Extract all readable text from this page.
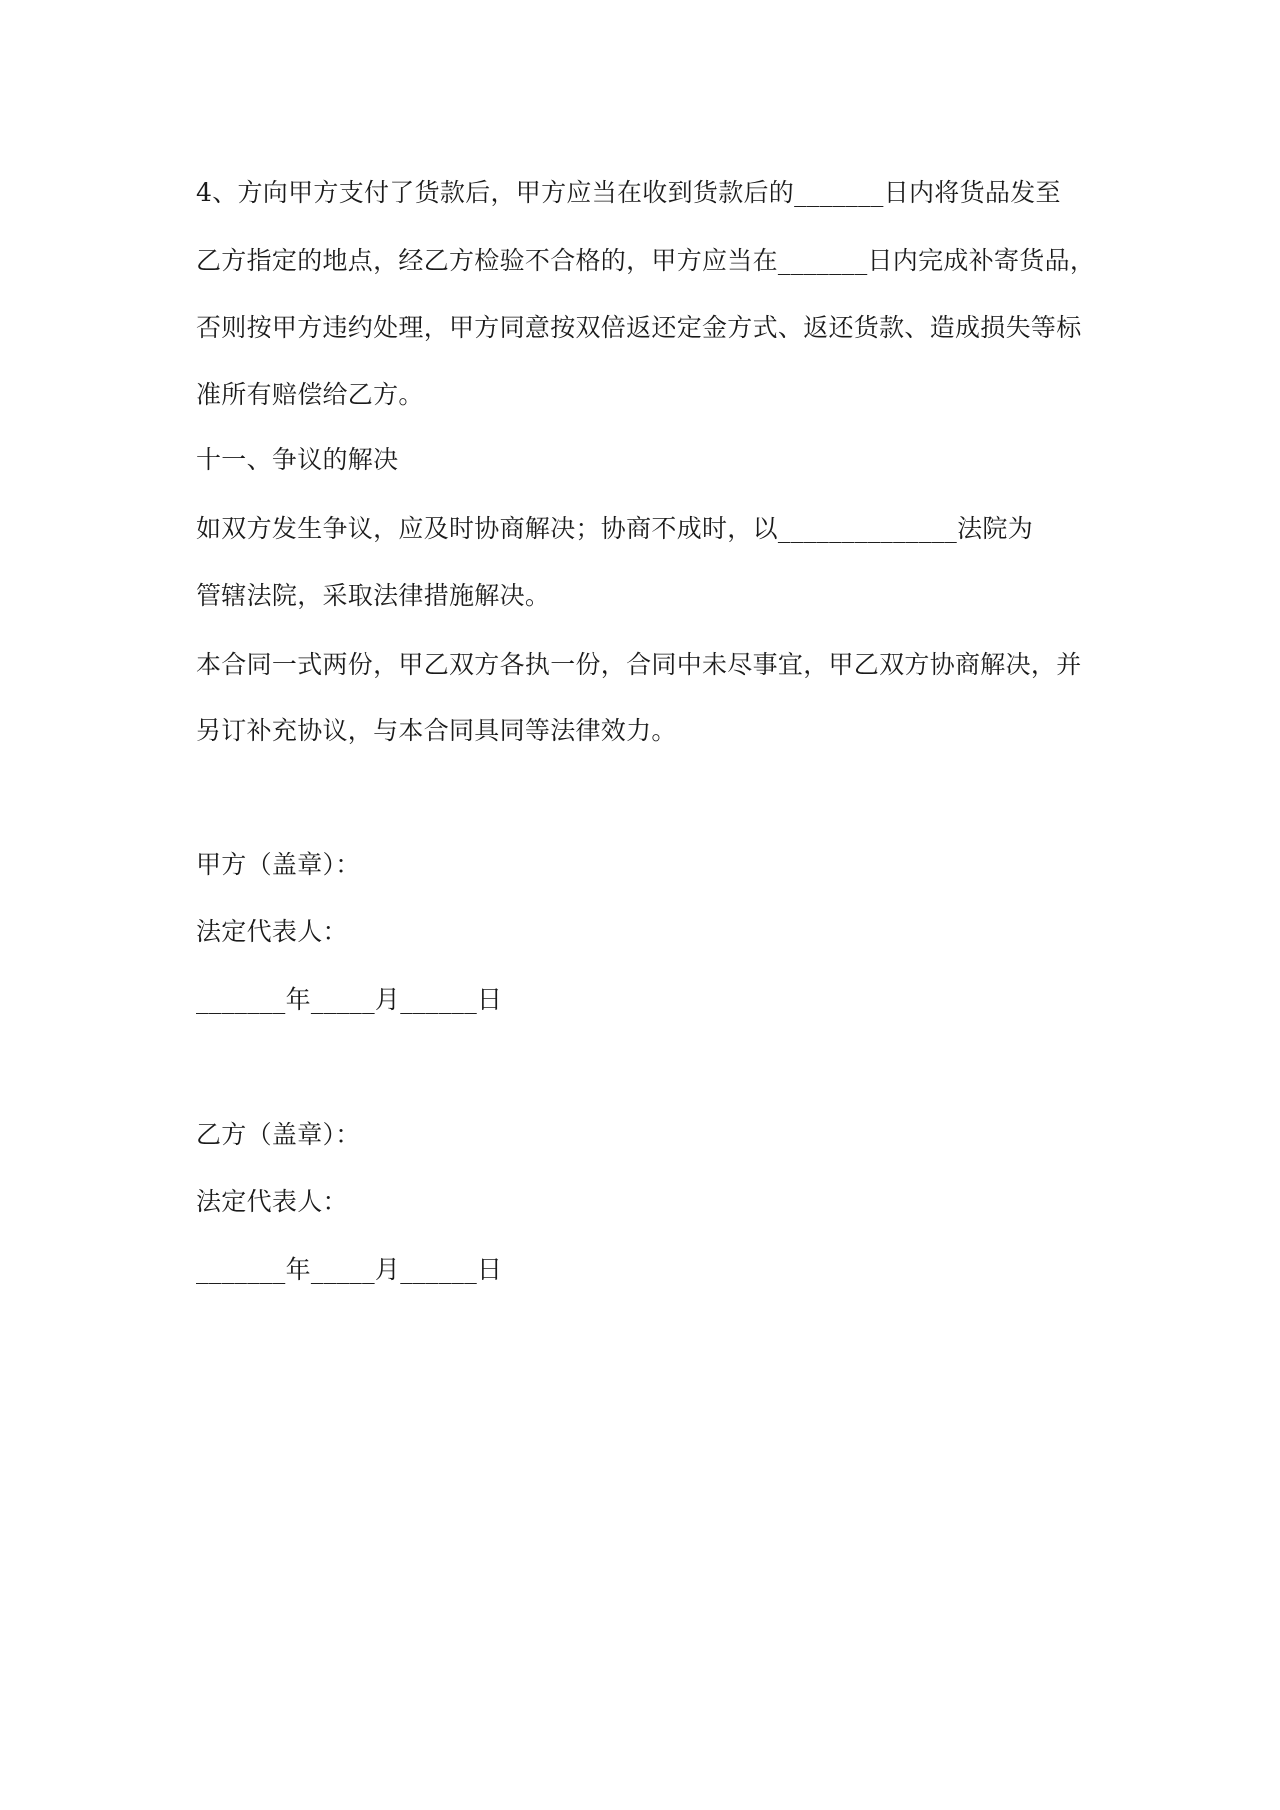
4、方向甲方支付了货款后，甲方应当在收到货款后的_______日内将货品发至
乙方指定的地点，经乙方检验不合格的，甲方应当在_______日内完成补寄货品，
否则按甲方违约处理，甲方同意按双倍返还定金方式、返还货款、造成损失等标
准所有赔偿给乙方。
十一、争议的解决
如双方发生争议，应及时协商解决；协商不成时，以______________法院为
管辖法院，采取法律措施解决。
本合同一式两份，甲乙双方各执一份，合同中未尽事宜，甲乙双方协商解决，并
另订补充协议，与本合同具同等法律效力。
甲方（盖章）：
法定代表人：
_______年_____月______日
乙方（盖章）：
法定代表人：
_______年_____月______日
